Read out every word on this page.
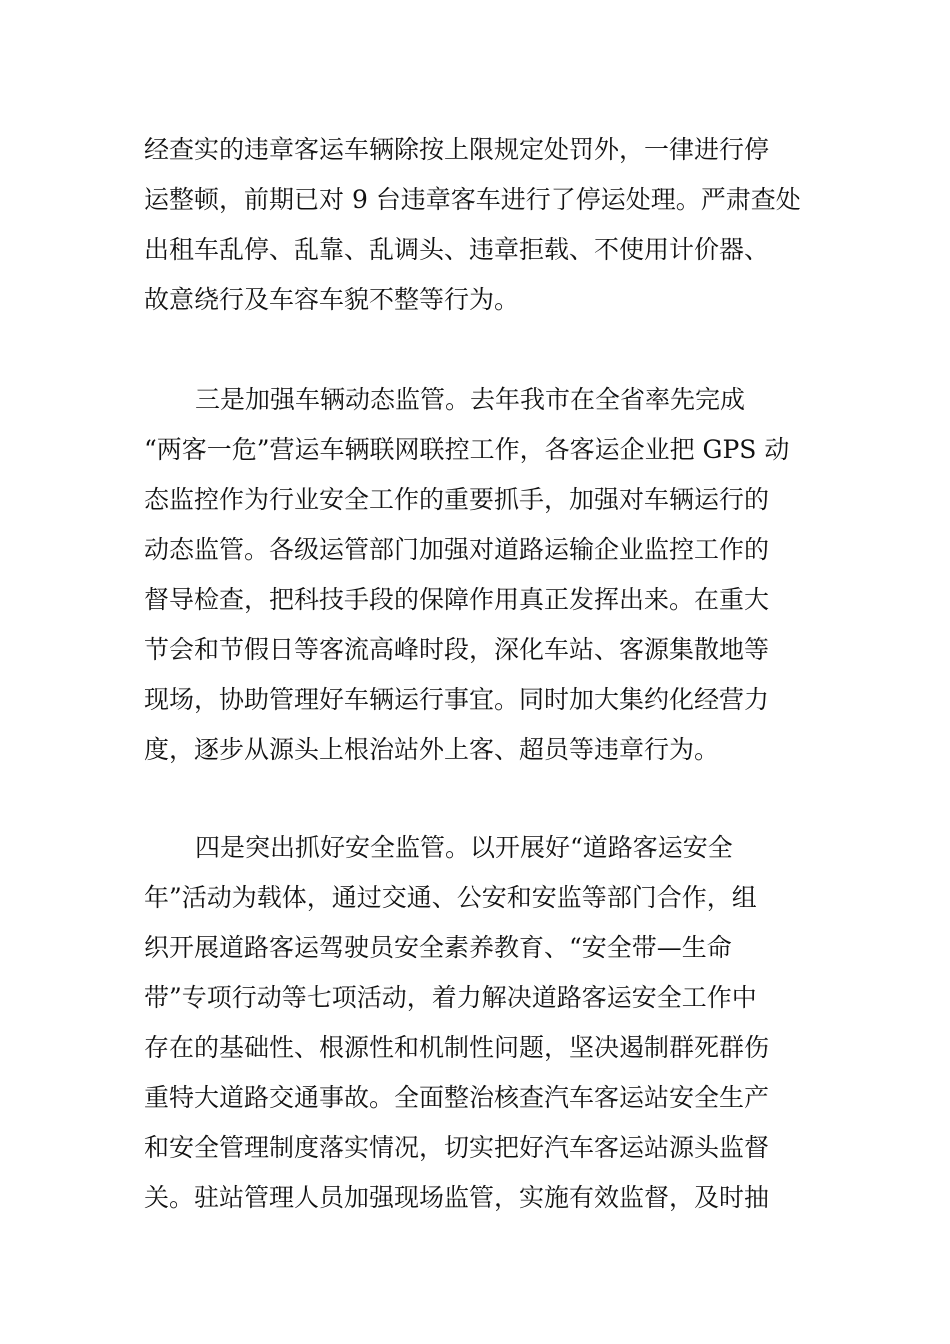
经查实的违章客运车辆除按上限规定处罚外，一律进行停
运整顿，前期已对 9 台违章客车进行了停运处理。严肃查处
出租车乱停、乱靠、乱调头、违章拒载、不使用计价器、
故意绕行及车容车貌不整等行为。
三是加强车辆动态监管。去年我市在全省率先完成
“两客一危”营运车辆联网联控工作，各客运企业把 GPS 动
态监控作为行业安全工作的重要抓手，加强对车辆运行的
动态监管。各级运管部门加强对道路运输企业监控工作的
督导检查，把科技手段的保障作用真正发挥出来。在重大
节会和节假日等客流高峰时段，深化车站、客源集散地等
现场，协助管理好车辆运行事宜。同时加大集约化经营力
度，逐步从源头上根治站外上客、超员等违章行为。
四是突出抓好安全监管。以开展好“道路客运安全
年”活动为载体，通过交通、公安和安监等部门合作，组
织开展道路客运驾驶员安全素养教育、“安全带—生命
带”专项行动等七项活动，着力解决道路客运安全工作中
存在的基础性、根源性和机制性问题，坚决遏制群死群伤
重特大道路交通事故。全面整治核查汽车客运站安全生产
和安全管理制度落实情况，切实把好汽车客运站源头监督
关。驻站管理人员加强现场监管，实施有效监督，及时抽
